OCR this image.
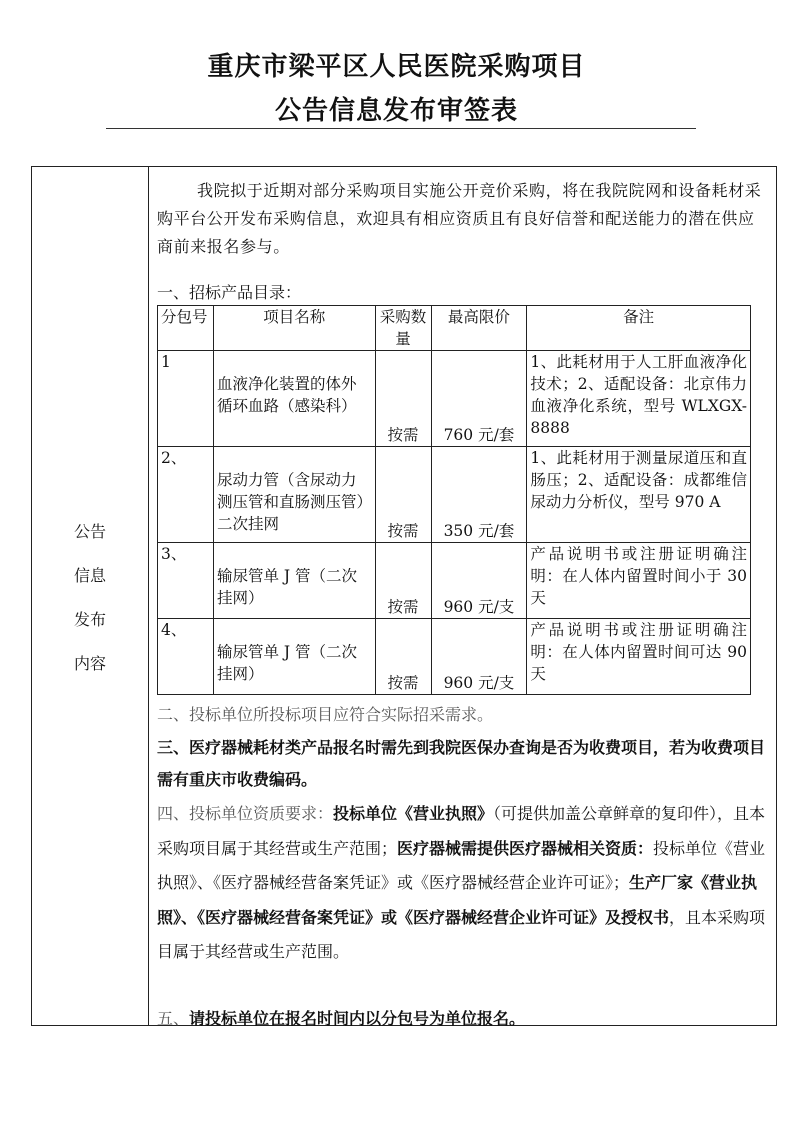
重庆市梁平区人民医院采购项目
公告信息发布审签表
公告
信息
发布
内容
我院拟于近期对部分采购项目实施公开竞价采购，将在我院院网和设备耗材采购平台公开发布采购信息，欢迎具有相应资质且有良好信誉和配送能力的潜在供应商前来报名参与。
一、招标产品目录：
分包号	项目名称	采购数量	最高限价	备注
1	血液净化装置的体外循环血路（感染科）	按需	760 元/套	1、此耗材用于人工肝血液净化技术；2、适配设备：北京伟力血液净化系统，型号 WLXGX-8888
2、	尿动力管（含尿动力测压管和直肠测压管）二次挂网	按需	350 元/套	1、此耗材用于测量尿道压和直肠压；2、适配设备：成都维信尿动力分析仪，型号 970 A
3、	输尿管单 J 管（二次挂网）	按需	960 元/支	产品说明书或注册证明确注明：在人体内留置时间小于 30 天
4、	输尿管单 J 管（二次挂网）	按需	960 元/支	产品说明书或注册证明确注明：在人体内留置时间可达 90 天
二、投标单位所投标项目应符合实际招采需求。
三、医疗器械耗材类产品报名时需先到我院医保办查询是否为收费项目，若为收费项目需有重庆市收费编码。
四、投标单位资质要求：投标单位《营业执照》（可提供加盖公章鲜章的复印件），且本采购项目属于其经营或生产范围；医疗器械需提供医疗器械相关资质：投标单位《营业执照》、《医疗器械经营备案凭证》或《医疗器械经营企业许可证》；生产厂家《营业执照》、《医疗器械经营备案凭证》或《医疗器械经营企业许可证》及授权书，且本采购项目属于其经营或生产范围。
五、请投标单位在报名时间内以分包号为单位报名。
